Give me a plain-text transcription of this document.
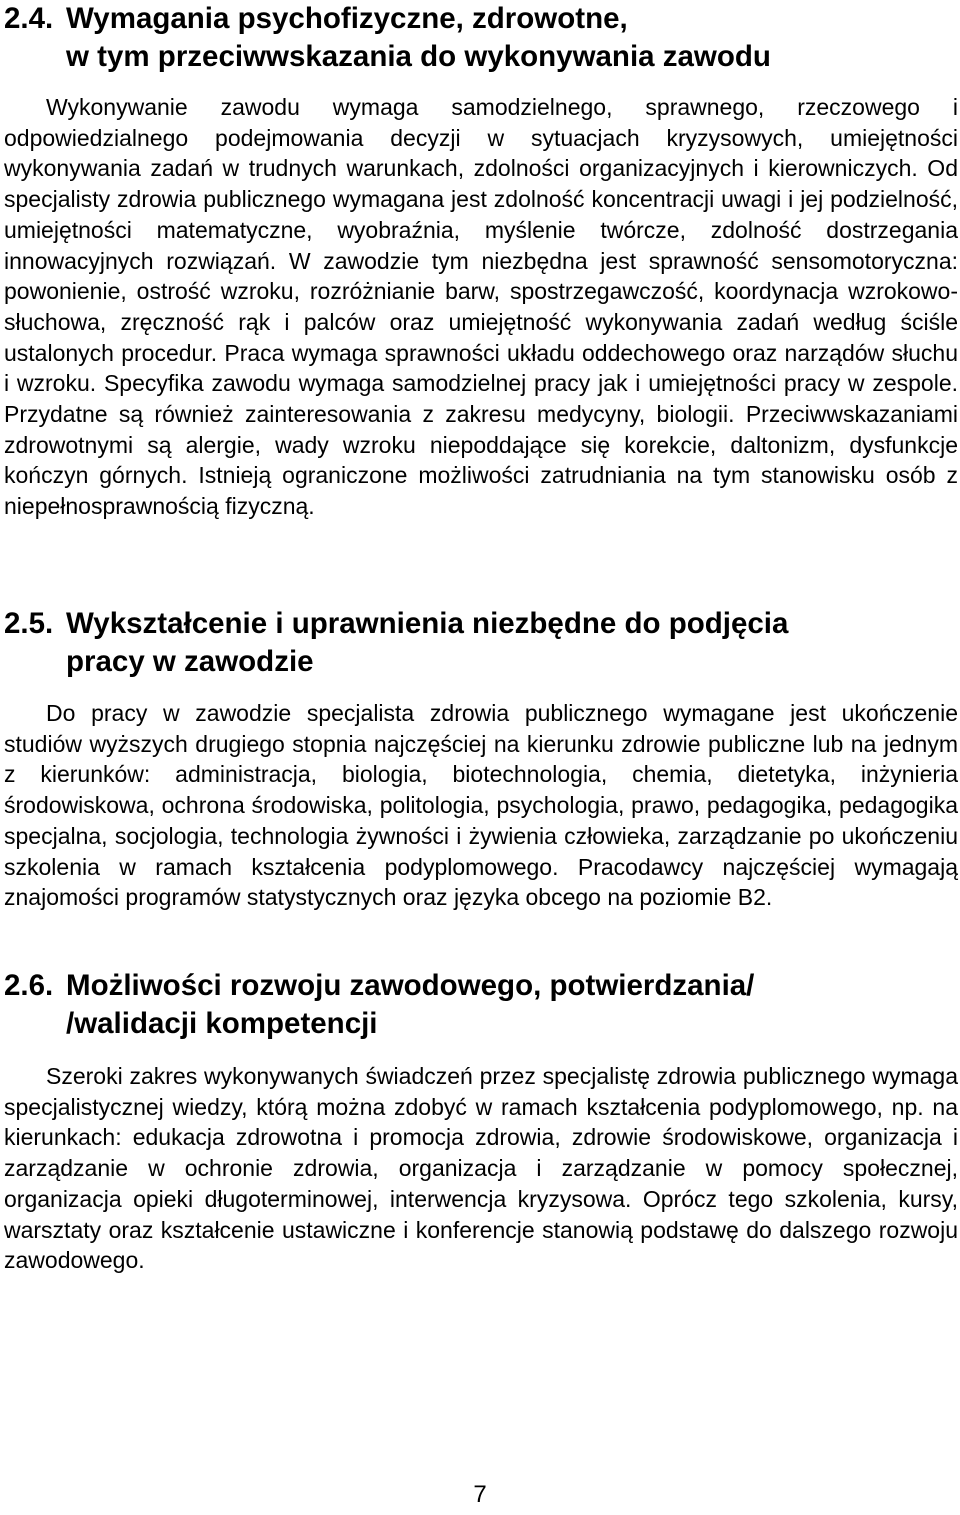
2.4. Wymagania psychofizyczne, zdrowotne,
w tym przeciwwskazania do wykonywania zawodu

Wykonywanie zawodu wymaga samodzielnego, sprawnego, rzeczowego i odpowiedzialnego podejmowania decyzji w sytuacjach kryzysowych, umiejętności wykonywania zadań w trudnych warunkach, zdolności organizacyjnych i kierowniczych. Od specjalisty zdrowia publicznego wymagana jest zdolność koncentracji uwagi i jej podzielność, umiejętności matematyczne, wyobraźnia, myślenie twórcze, zdolność dostrzegania innowacyjnych rozwiązań. W zawodzie tym niezbędna jest sprawność sensomotoryczna: powonienie, ostrość wzroku, rozróżnianie barw, spostrzegawczość, koordynacja wzrokowo-słuchowa, zręczność rąk i palców oraz umiejętność wykonywania zadań według ściśle ustalonych procedur. Praca wymaga sprawności układu oddechowego oraz narządów słuchu i wzroku. Specyfika zawodu wymaga samodzielnej pracy jak i umiejętności pracy w zespole. Przydatne są również zainteresowania z zakresu medycyny, biologii. Przeciwwskazaniami zdrowotnymi są alergie, wady wzroku niepoddające się korekcie, daltonizm, dysfunkcje kończyn górnych. Istnieją ograniczone możliwości zatrudniania na tym stanowisku osób z niepełnosprawnością fizyczną.

2.5. Wykształcenie i uprawnienia niezbędne do podjęcia
pracy w zawodzie

Do pracy w zawodzie specjalista zdrowia publicznego wymagane jest ukończenie studiów wyższych drugiego stopnia najczęściej na kierunku zdrowie publiczne lub na jednym z kierunków: administracja, biologia, biotechnologia, chemia, dietetyka, inżynieria środowiskowa, ochrona środowiska, politologia, psychologia, prawo, pedagogika, pedagogika specjalna, socjologia, technologia żywności i żywienia człowieka, zarządzanie po ukończeniu szkolenia w ramach kształcenia podyplomowego. Pracodawcy najczęściej wymagają znajomości programów statystycznych oraz języka obcego na poziomie B2.

2.6. Możliwości rozwoju zawodowego, potwierdzania/
/walidacji kompetencji

Szeroki zakres wykonywanych świadczeń przez specjalistę zdrowia publicznego wymaga specjalistycznej wiedzy, którą można zdobyć w ramach kształcenia podyplomowego, np. na kierunkach: edukacja zdrowotna i promocja zdrowia, zdrowie środowiskowe, organizacja i zarządzanie w ochronie zdrowia, organizacja i zarządzanie w pomocy społecznej, organizacja opieki długoterminowej, interwencja kryzysowa. Oprócz tego szkolenia, kursy, warsztaty oraz kształcenie ustawiczne i konferencje stanowią podstawę do dalszego rozwoju zawodowego.

7
